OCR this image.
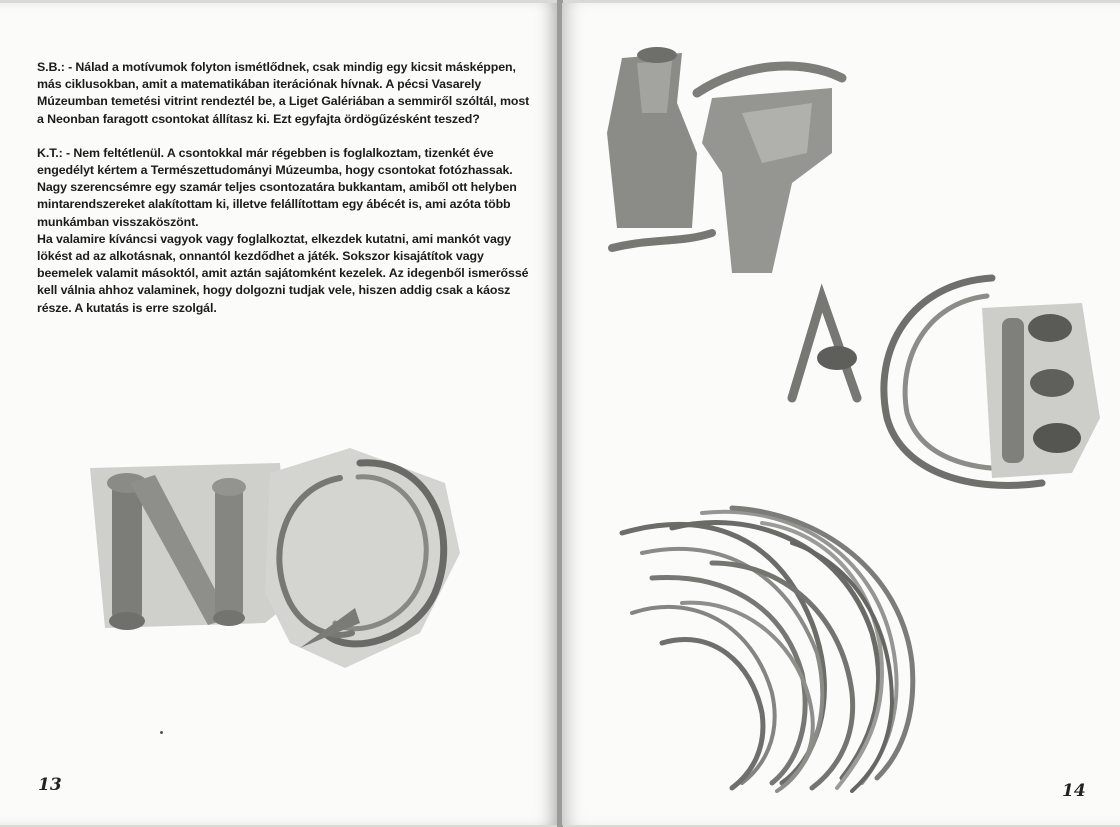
S.B.: - Nálad a motívumok folyton ismétlődnek, csak mindig egy kicsit másképpen, más ciklusokban, amit a matematikában iterációnak hívnak. A pécsi Vasarely Múzeumban temetési vitrint rendeztél be, a Liget Galériában a semmiről szóltál, most a Neonban faragott csontokat állítasz ki. Ezt egyfajta ördögűzésként teszed?

K.T.: - Nem feltétlenül. A csontokkal már régebben is foglalkoztam, tizenkét éve engedélyt kértem a Természettudományi Múzeumba, hogy csontokat fotózhassak. Nagy szerencsémre egy szamár teljes csontozatára bukkantam, amiből ott helyben mintarendszereket alakítottam ki, illetve felállítottam egy ábécét is, ami azóta több munkámban visszaköszönt.

Ha valamire kíváncsi vagyok vagy foglalkoztat, elkezdek kutatni, ami mankót vagy lökést ad az alkotásnak, onnantól kezdődhet a játék. Sokszor kisajátítok vagy beemelek valamit másoktól, amit aztán sajátomként kezelek. Az idegenből ismerőssé kell válnia ahhoz valaminek, hogy dolgozni tudjak vele, hiszen addig csak a káosz része. A kutatás is erre szolgál.

13	14
